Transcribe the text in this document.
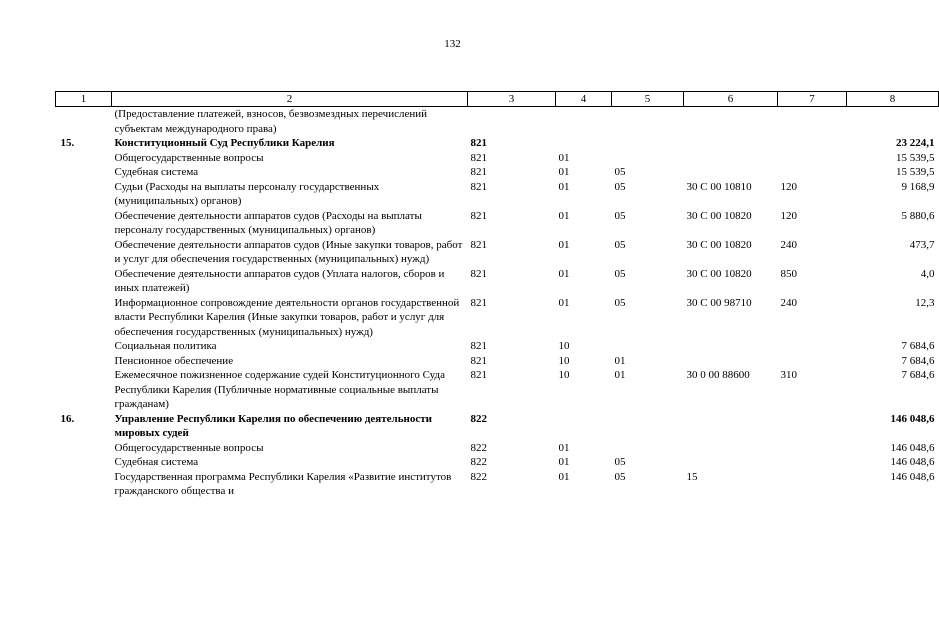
132
1	2	3	4	5	6	7	8
	(Предоставление платежей, взносов, безвозмездных перечислений субъектам международного права)						
15.	Конституционный Суд Республики Карелия	821					23 224,1
	Общегосударственные вопросы	821	01				15 539,5
	Судебная система	821	01	05			15 539,5
	Судьи (Расходы на выплаты персоналу государственных (муниципальных) органов)	821	01	05	30 С 00 10810	120	9 168,9
	Обеспечение деятельности аппаратов судов (Расходы на выплаты персоналу государственных (муниципальных) органов)	821	01	05	30 С 00 10820	120	5 880,6
	Обеспечение деятельности аппаратов судов (Иные закупки товаров, работ и услуг для обеспечения государственных (муниципальных) нужд)	821	01	05	30 С 00 10820	240	473,7
	Обеспечение деятельности аппаратов судов (Уплата налогов, сборов и иных платежей)	821	01	05	30 С 00 10820	850	4,0
	Информационное сопровождение деятельности органов государственной власти Республики Карелия (Иные закупки товаров, работ и услуг для обеспечения государственных (муниципальных) нужд)	821	01	05	30 С 00 98710	240	12,3
	Социальная политика	821	10				7 684,6
	Пенсионное обеспечение	821	10	01			7 684,6
	Ежемесячное пожизненное содержание судей Конституционного Суда Республики Карелия (Публичные нормативные социальные выплаты гражданам)	821	10	01	30 0 00 88600	310	7 684,6
16.	Управление Республики Карелия по обеспечению деятельности мировых судей	822					146 048,6
	Общегосударственные вопросы	822	01				146 048,6
	Судебная система	822	01	05			146 048,6
	Государственная программа Республики Карелия «Развитие институтов гражданского общества и	822	01	05	15		146 048,6
